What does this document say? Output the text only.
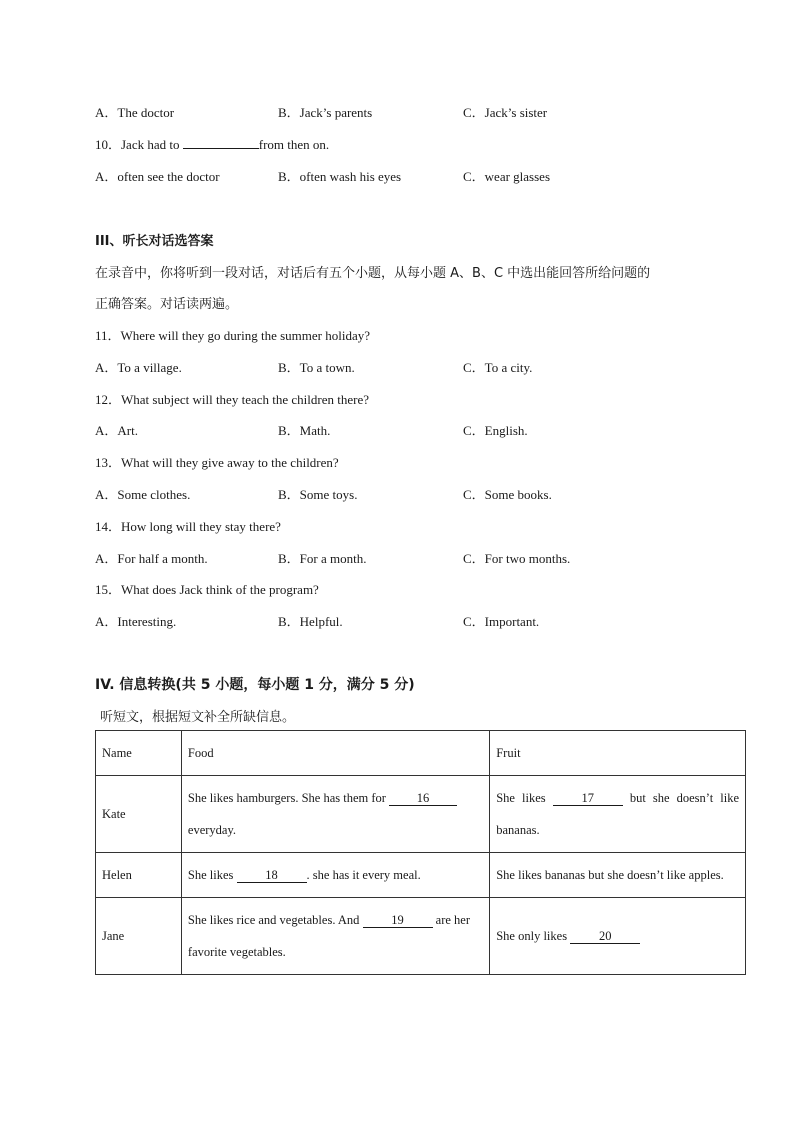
A．The doctor	B．Jack’s parents	C．Jack’s sister
10．Jack had to	from then on.
A．often see the doctor	B．often wash his eyes	C．wear glasses
III、听长对话选答案
在录音中，你将听到一段对话，对话后有五个小题，从每小题 A、B、C 中选出能回答所给问题的
正确答案。对话读两遍。
11．Where will they go during the summer holiday?
A．To a village.	B．To a town.	C．To a city.
12．What subject will they teach the children there?
A．Art.	B．Math.	C．English.
13．What will they give away to the children?
A．Some clothes.	B．Some toys.	C．Some books.
14．How long will they stay there?
A．For half a month.	B．For a month.	C．For two months.
15．What does Jack think of the program?
A．Interesting.	B．Helpful.	C．Important.
IV. 信息转换(共 5 小题，每小题 1 分，满分 5 分)
听短文，根据短文补全所缺信息。
Name	Food	Fruit
Kate	She likes hamburgers. She has them for 16 everyday.	She likes 17 but she doesn’t like bananas.
Helen	She likes 18 . she has it every meal.	She likes bananas but she doesn’t like apples.
Jane	She likes rice and vegetables. And 19 are her favorite vegetables.	She only likes 20
